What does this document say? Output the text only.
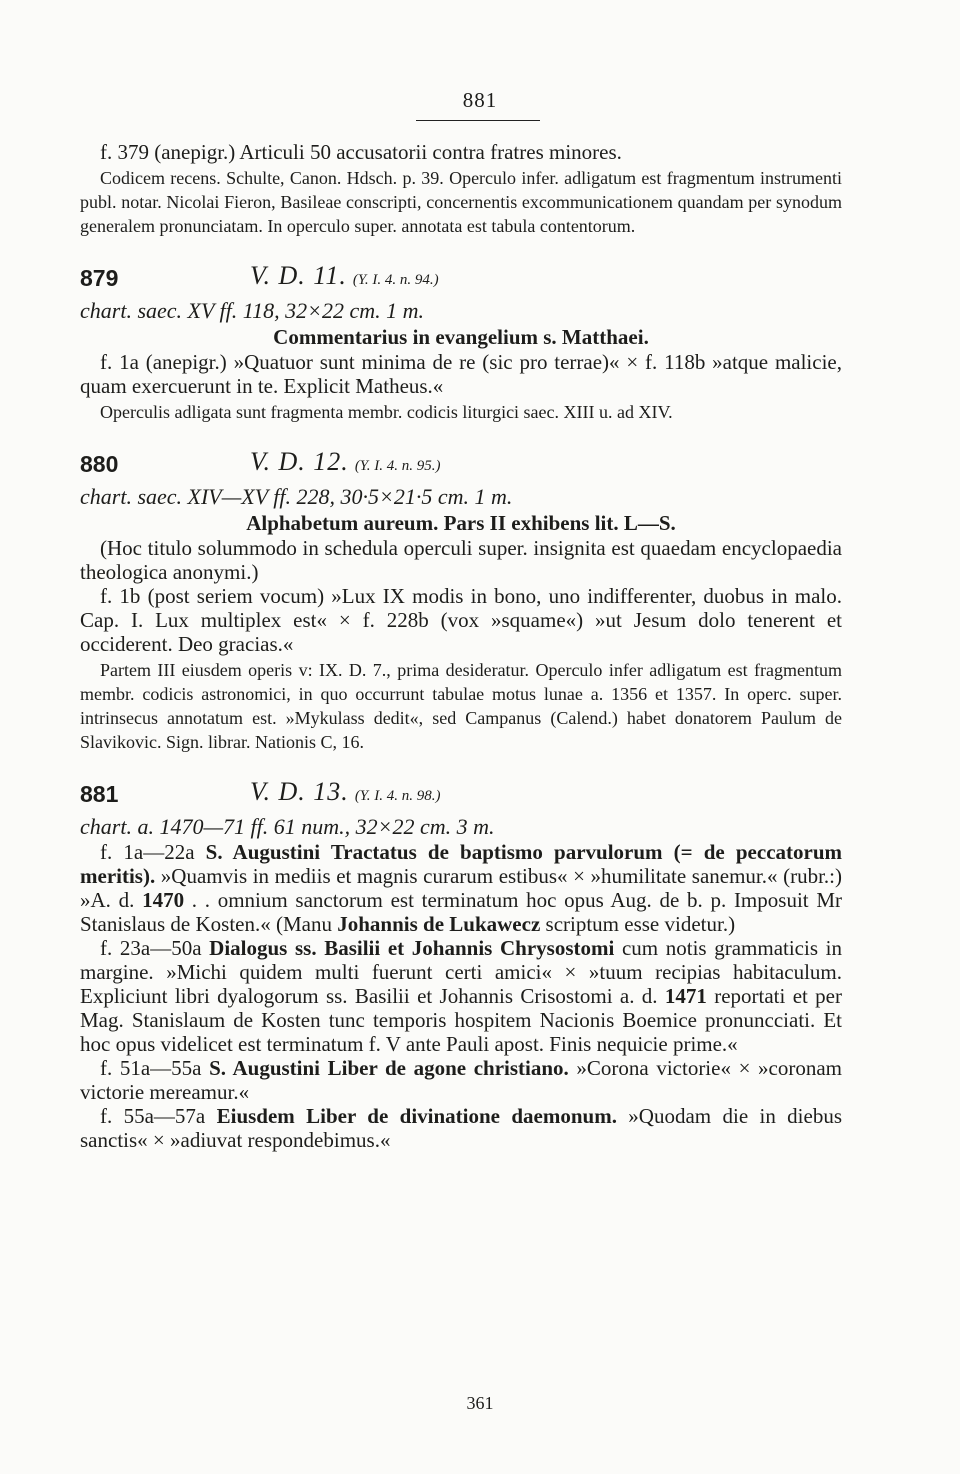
881

f. 379 (anepigr.) Articuli 50 accusatorii contra fratres minores.

Codicem recens. Schulte, Canon. Hdsch. p. 39. Operculo infer. adligatum est fragmentum instrumenti publ. notar. Nicolai Fieron, Basileae conscripti, concernentis excommunicationem quandam per synodum generalem pronunciatam. In operculo super. annotata est tabula contentorum.

879	V. D. 11. (Y. I. 4. n. 94.)

chart. saec. XV ff. 118, 32×22 cm. 1 m.

Commentarius in evangelium s. Matthaei.

f. 1a (anepigr.) »Quatuor sunt minima de re (sic pro terrae)« × f. 118b »atque malicie, quam exercuerunt in te. Explicit Matheus.«

Operculis adligata sunt fragmenta membr. codicis liturgici saec. XIII u. ad XIV.

880	V. D. 12. (Y. I. 4. n. 95.)

chart. saec. XIV—XV ff. 228, 30·5×21·5 cm. 1 m.

Alphabetum aureum. Pars II exhibens lit. L—S.

(Hoc titulo solummodo in schedula operculi super. insignita est quaedam encyclopaedia theologica anonymi.)

f. 1b (post seriem vocum) »Lux IX modis in bono, uno indifferenter, duobus in malo. Cap. I. Lux multiplex est« × f. 228b (vox »squame«) »ut Jesum dolo tenerent et occiderent. Deo gracias.«

Partem III eiusdem operis v: IX. D. 7., prima desideratur. Operculo infer adligatum est fragmentum membr. codicis astronomici, in quo occurrunt tabulae motus lunae a. 1356 et 1357. In operc. super. intrinsecus annotatum est. »Mykulass dedit«, sed Campanus (Calend.) habet donatorem Paulum de Slavikovic. Sign. librar. Nationis C, 16.

881	V. D. 13. (Y. I. 4. n. 98.)

chart. a. 1470—71 ff. 61 num., 32×22 cm. 3 m.

f. 1a—22a S. Augustini Tractatus de baptismo parvulorum (= de peccatorum meritis). »Quamvis in mediis et magnis curarum estibus« × »humilitate sanemur.« (rubr.:) »A. d. 1470 . . omnium sanctorum est terminatum hoc opus Aug. de b. p. Imposuit Mr Stanislaus de Kosten.« (Manu Johannis de Lukawecz scriptum esse videtur.)

f. 23a—50a Dialogus ss. Basilii et Johannis Chrysostomi cum notis grammaticis in margine. »Michi quidem multi fuerunt certi amici« × »tuum recipias habitaculum. Expliciunt libri dyalogorum ss. Basilii et Johannis Crisostomi a. d. 1471 reportati et per Mag. Stanislaum de Kosten tunc temporis hospitem Nacionis Boemice pronuncciati. Et hoc opus videlicet est terminatum f. V ante Pauli apost. Finis nequicie prime.«

f. 51a—55a S. Augustini Liber de agone christiano. »Corona victorie« × »coronam victorie mereamur.«

f. 55a—57a Eiusdem Liber de divinatione daemonum. »Quodam die in diebus sanctis« × »adiuvat respondebimus.«

361
